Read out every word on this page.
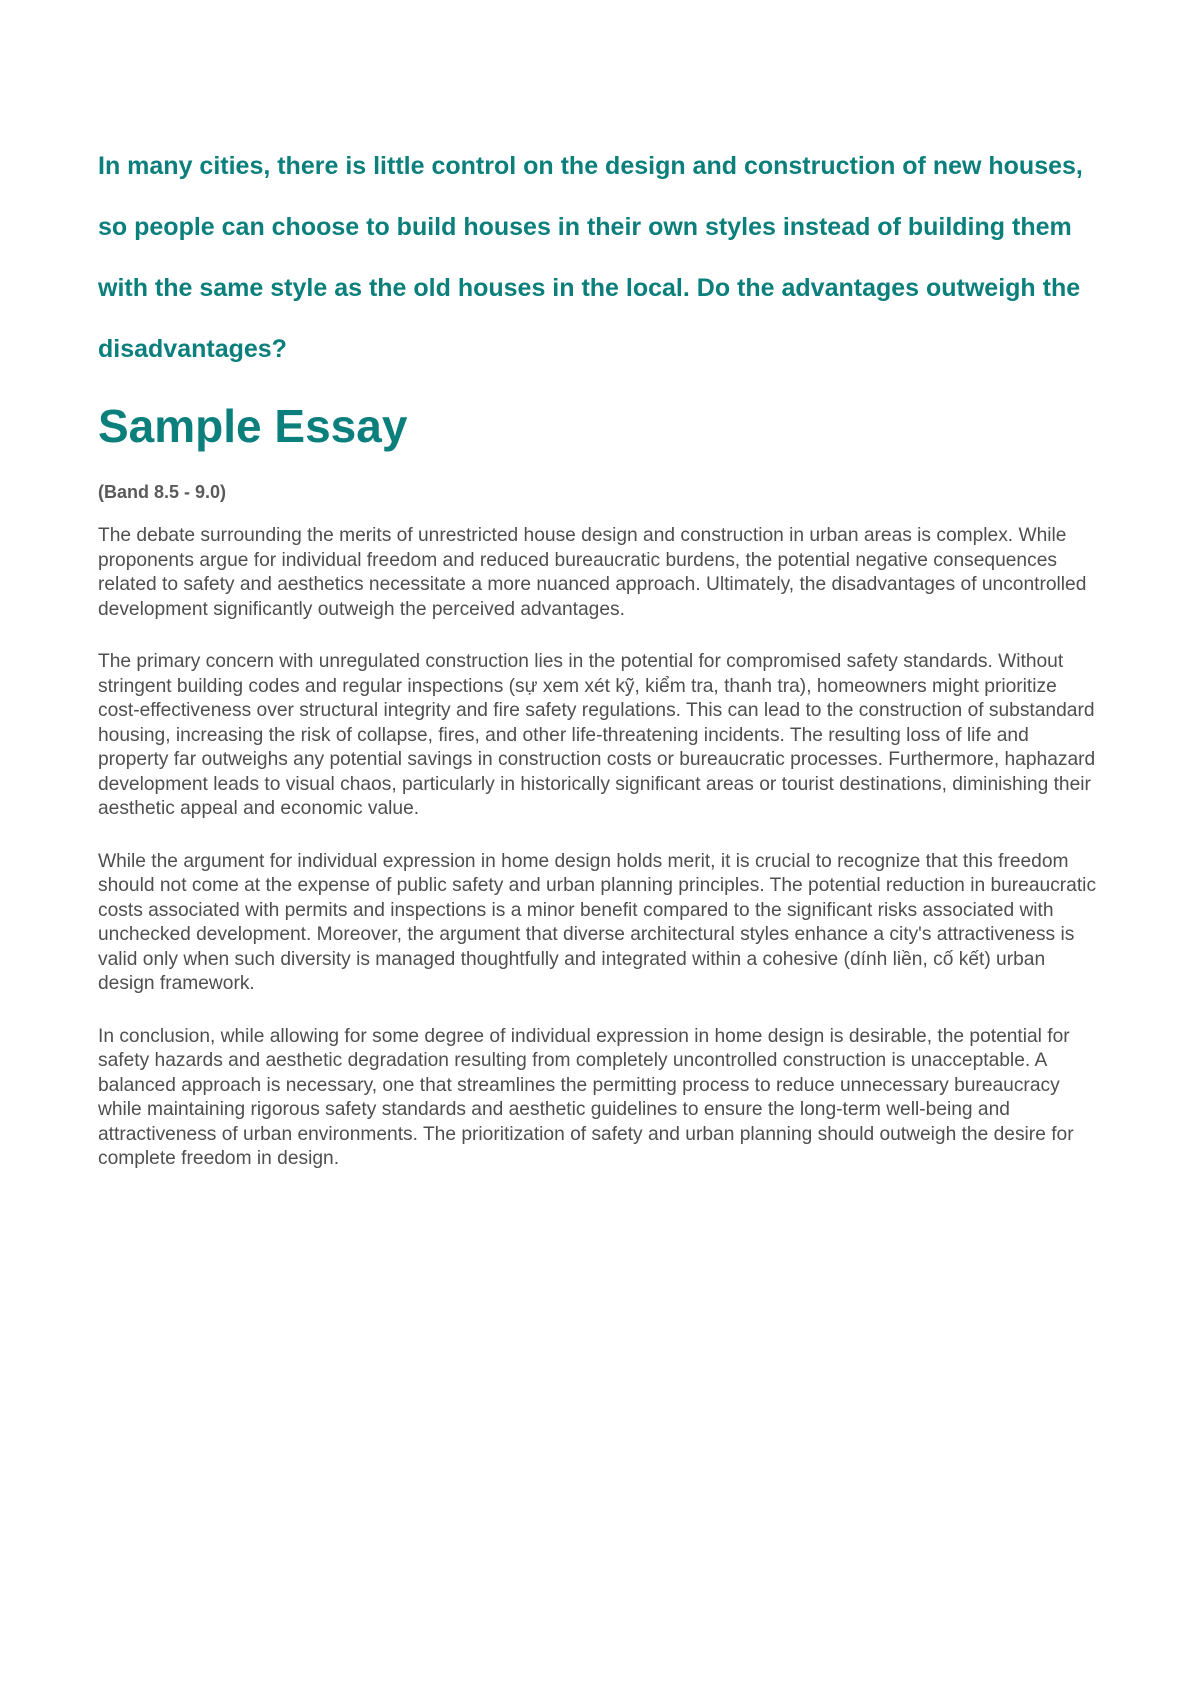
In many cities, there is little control on the design and construction of new houses, so people can choose to build houses in their own styles instead of building them with the same style as the old houses in the local. Do the advantages outweigh the disadvantages?

Sample Essay

(Band 8.5 - 9.0)

The debate surrounding the merits of unrestricted house design and construction in urban areas is complex. While proponents argue for individual freedom and reduced bureaucratic burdens, the potential negative consequences related to safety and aesthetics necessitate a more nuanced approach. Ultimately, the disadvantages of uncontrolled development significantly outweigh the perceived advantages.

The primary concern with unregulated construction lies in the potential for compromised safety standards. Without stringent building codes and regular inspections (sự xem xét kỹ, kiểm tra, thanh tra), homeowners might prioritize cost-effectiveness over structural integrity and fire safety regulations. This can lead to the construction of substandard housing, increasing the risk of collapse, fires, and other life-threatening incidents. The resulting loss of life and property far outweighs any potential savings in construction costs or bureaucratic processes. Furthermore, haphazard development leads to visual chaos, particularly in historically significant areas or tourist destinations, diminishing their aesthetic appeal and economic value.

While the argument for individual expression in home design holds merit, it is crucial to recognize that this freedom should not come at the expense of public safety and urban planning principles. The potential reduction in bureaucratic costs associated with permits and inspections is a minor benefit compared to the significant risks associated with unchecked development. Moreover, the argument that diverse architectural styles enhance a city's attractiveness is valid only when such diversity is managed thoughtfully and integrated within a cohesive (dính liền, cố kết) urban design framework.

In conclusion, while allowing for some degree of individual expression in home design is desirable, the potential for safety hazards and aesthetic degradation resulting from completely uncontrolled construction is unacceptable. A balanced approach is necessary, one that streamlines the permitting process to reduce unnecessary bureaucracy while maintaining rigorous safety standards and aesthetic guidelines to ensure the long-term well-being and attractiveness of urban environments. The prioritization of safety and urban planning should outweigh the desire for complete freedom in design.
